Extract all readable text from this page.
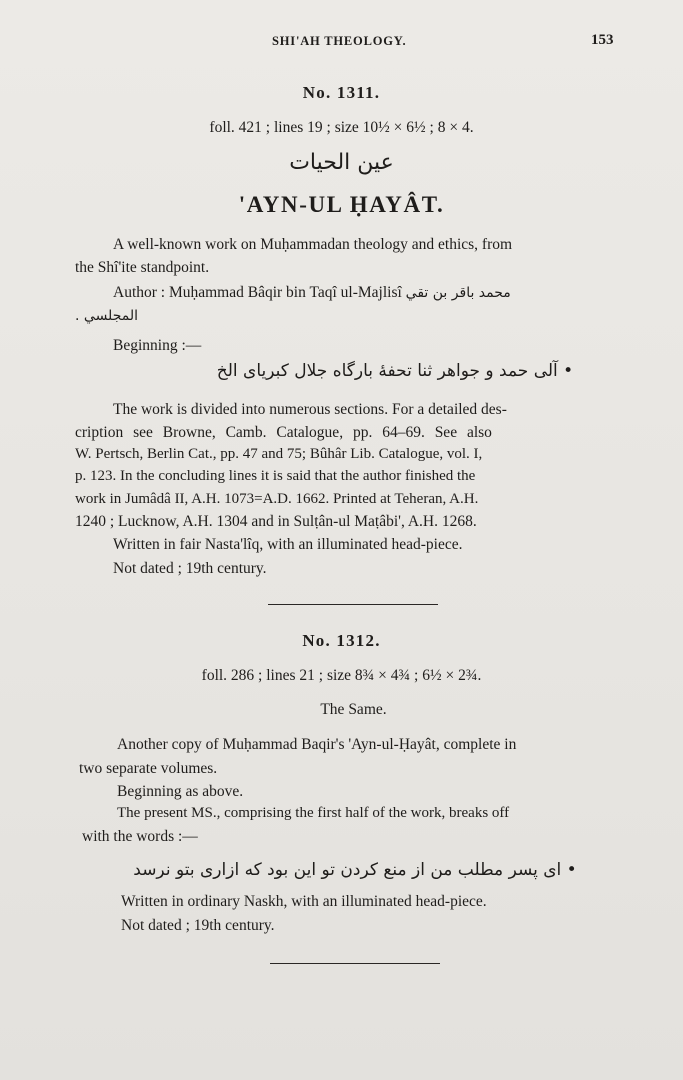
SHI'AH THEOLOGY.	153
No. 1311.
foll. 421 ; lines 19 ; size 10½ × 6½ ; 8 × 4.
عين الحيات
'AYN-UL ḤAYÂT.
A well-known work on Muḥammadan theology and ethics, from
the Shî'ite standpoint.
Author : Muḥammad Bâqir bin Taqî ul-Majlisî محمد باقر بن تقي
المجلسي .
Beginning :—
• آلی حمد و جواهر ثنا تحفهٔ بارگاه جلال کبریای الخ
The work is divided into numerous sections. For a detailed des-
cription see Browne, Camb. Catalogue, pp. 64–69. See also
W. Pertsch, Berlin Cat., pp. 47 and 75; Bûhâr Lib. Catalogue, vol. I,
p. 123. In the concluding lines it is said that the author finished the
work in Jumâdâ II, A.H. 1073=A.D. 1662. Printed at Teheran, A.H.
1240 ; Lucknow, A.H. 1304 and in Sulṭân-ul Maṭâbi', A.H. 1268.
Written in fair Nasta'lîq, with an illuminated head-piece.
Not dated ; 19th century.
No. 1312.
foll. 286 ; lines 21 ; size 8¾ × 4¾ ; 6½ × 2¾.
The Same.
Another copy of Muḥammad Baqir's 'Ayn-ul-Ḥayât, complete in
two separate volumes.
Beginning as above.
The present MS., comprising the first half of the work, breaks off
with the words :—
• ای پسر مطلب من از منع کردن تو این بود که ازاری بتو نرسد
Written in ordinary Naskh, with an illuminated head-piece.
Not dated ; 19th century.
